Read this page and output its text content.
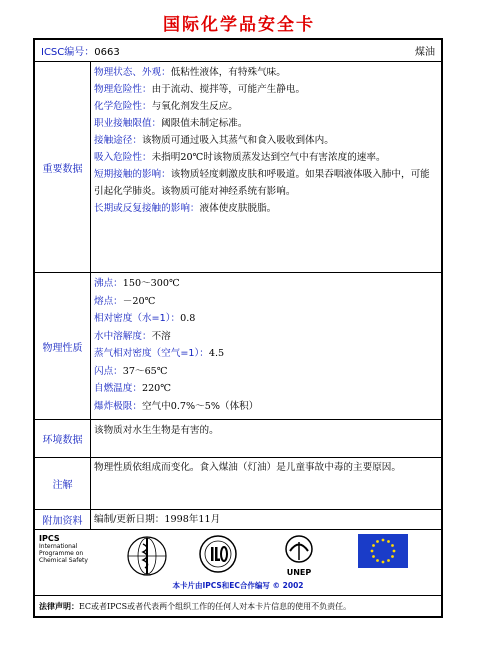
国际化学品安全卡
ICSC编号：0663	煤油
重要数据
物理状态、外观：低粘性液体，有特殊气味。
物理危险性：由于流动、搅拌等，可能产生静电。
化学危险性：与氧化剂发生反应。
职业接触限值：阈限值未制定标准。
接触途径：该物质可通过吸入其蒸气和食入吸收到体内。
吸入危险性：未指明20℃时该物质蒸发达到空气中有害浓度的速率。
短期接触的影响：该物质轻度刺激皮肤和呼吸道。如果吞咽液体吸入肺中，可能引起化学肺炎。该物质可能对神经系统有影响。
长期或反复接触的影响：液体使皮肤脱脂。
物理性质
沸点：150～300℃
熔点：－20℃
相对密度（水=1）：0.8
水中溶解度：不溶
蒸气相对密度（空气=1）：4.5
闪点：37～65℃
自燃温度：220℃
爆炸极限：空气中0.7%～5%（体积）
环境数据
该物质对水生生物是有害的。
注解
物理性质依组成而变化。食入煤油（灯油）是儿童事故中毒的主要原因。
附加资料	编制/更新日期：1998年11月
IPCS
International
Programme on
Chemical Safety
UNEP
本卡片由IPCS和EC合作编写 © 2002
法律声明： EC或者IPCS或者代表两个组织工作的任何人对本卡片信息的使用不负责任。
